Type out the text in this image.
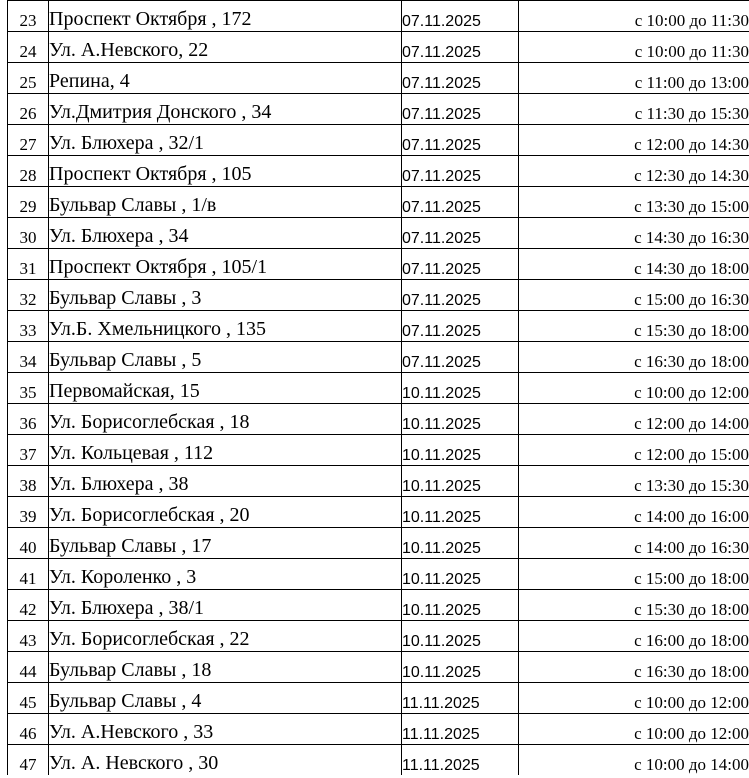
23	Проспект Октября , 172	07.11.2025	с 10:00 до 11:30
24	Ул. А.Невского, 22	07.11.2025	с 10:00 до 11:30
25	Репина, 4	07.11.2025	с 11:00 до 13:00
26	Ул.Дмитрия Донского , 34	07.11.2025	с 11:30 до 15:30
27	Ул. Блюхера , 32/1	07.11.2025	с 12:00 до 14:30
28	Проспект Октября , 105	07.11.2025	с 12:30 до 14:30
29	Бульвар Славы , 1/в	07.11.2025	с 13:30 до 15:00
30	Ул. Блюхера , 34	07.11.2025	с 14:30 до 16:30
31	Проспект Октября , 105/1	07.11.2025	с 14:30 до 18:00
32	Бульвар Славы , 3	07.11.2025	с 15:00 до 16:30
33	Ул.Б. Хмельницкого , 135	07.11.2025	с 15:30 до 18:00
34	Бульвар Славы , 5	07.11.2025	с 16:30 до 18:00
35	Первомайская, 15	10.11.2025	с 10:00 до 12:00
36	Ул. Борисоглебская , 18	10.11.2025	с 12:00 до 14:00
37	Ул. Кольцевая , 112	10.11.2025	с 12:00 до 15:00
38	Ул. Блюхера , 38	10.11.2025	с 13:30 до 15:30
39	Ул. Борисоглебская , 20	10.11.2025	с 14:00 до 16:00
40	Бульвар Славы , 17	10.11.2025	с 14:00 до 16:30
41	Ул. Короленко , 3	10.11.2025	с 15:00 до 18:00
42	Ул. Блюхера , 38/1	10.11.2025	с 15:30 до 18:00
43	Ул. Борисоглебская , 22	10.11.2025	с 16:00 до 18:00
44	Бульвар Славы , 18	10.11.2025	с 16:30 до 18:00
45	Бульвар Славы , 4	11.11.2025	с 10:00 до 12:00
46	Ул. А.Невского , 33	11.11.2025	с 10:00 до 12:00
47	Ул. А. Невского , 30	11.11.2025	с 10:00 до 14:00
